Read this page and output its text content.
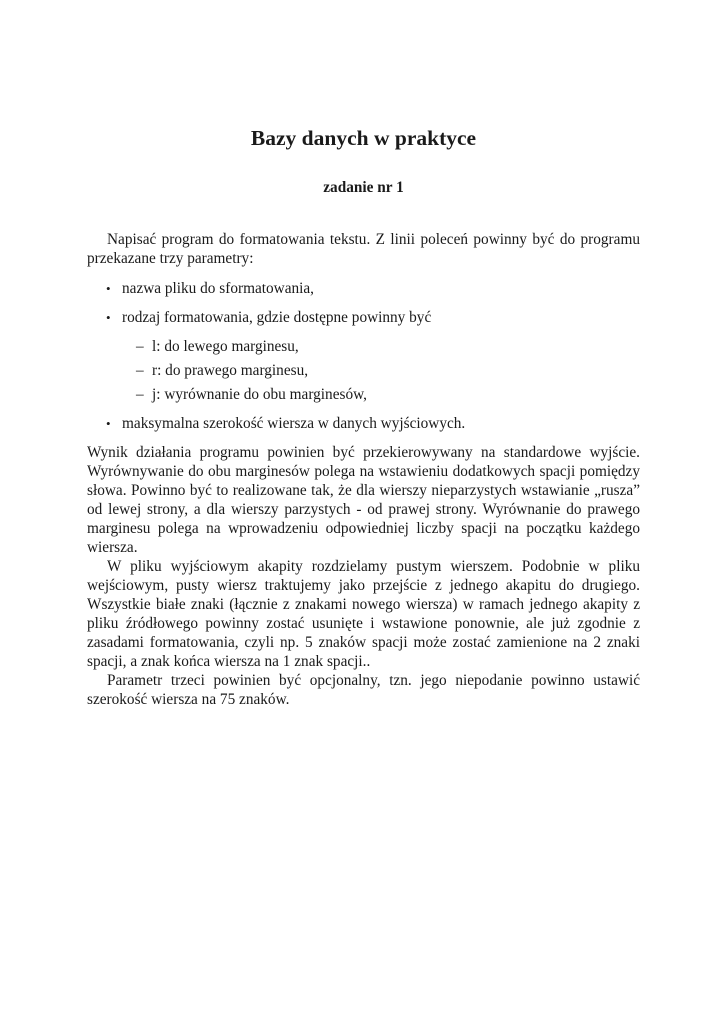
Bazy danych w praktyce
zadanie nr 1

Napisać program do formatowania tekstu. Z linii poleceń powinny być do programu przekazane trzy parametry:

• nazwa pliku do sformatowania,
• rodzaj formatowania, gdzie dostępne powinny być
– l: do lewego marginesu,
– r: do prawego marginesu,
– j: wyrównanie do obu marginesów,
• maksymalna szerokość wiersza w danych wyjściowych.

Wynik działania programu powinien być przekierowywany na standardowe wyjście. Wyrównywanie do obu marginesów polega na wstawieniu dodatkowych spacji pomiędzy słowa. Powinno być to realizowane tak, że dla wierszy nieparzystych wstawianie „rusza” od lewej strony, a dla wierszy parzystych - od prawej strony. Wyrównanie do prawego marginesu polega na wprowadzeniu odpowiedniej liczby spacji na początku każdego wiersza.

W pliku wyjściowym akapity rozdzielamy pustym wierszem. Podobnie w pliku wejściowym, pusty wiersz traktujemy jako przejście z jednego akapitu do drugiego. Wszystkie białe znaki (łącznie z znakami nowego wiersza) w ramach jednego akapity z pliku źródłowego powinny zostać usunięte i wstawione ponownie, ale już zgodnie z zasadami formatowania, czyli np. 5 znaków spacji może zostać zamienione na 2 znaki spacji, a znak końca wiersza na 1 znak spacji..

Parametr trzeci powinien być opcjonalny, tzn. jego niepodanie powinno ustawić szerokość wiersza na 75 znaków.
